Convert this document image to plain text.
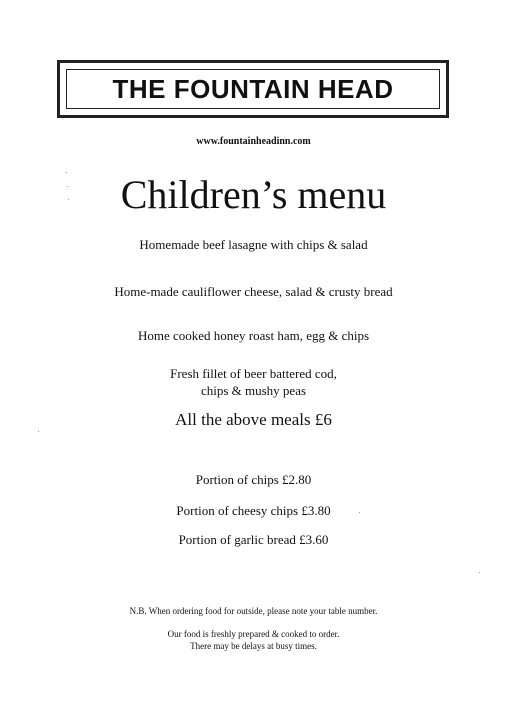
THE FOUNTAIN HEAD
www.fountainheadinn.com
Children’s menu
Homemade beef lasagne with chips & salad
Home-made cauliflower cheese, salad & crusty bread
Home cooked honey roast ham, egg & chips
Fresh fillet of beer battered cod,
chips & mushy peas
All the above meals £6
Portion of chips £2.80
Portion of cheesy chips £3.80
Portion of garlic bread £3.60
N.B. When ordering food for outside, please note your table number.
Our food is freshly prepared & cooked to order.
There may be delays at busy times.
